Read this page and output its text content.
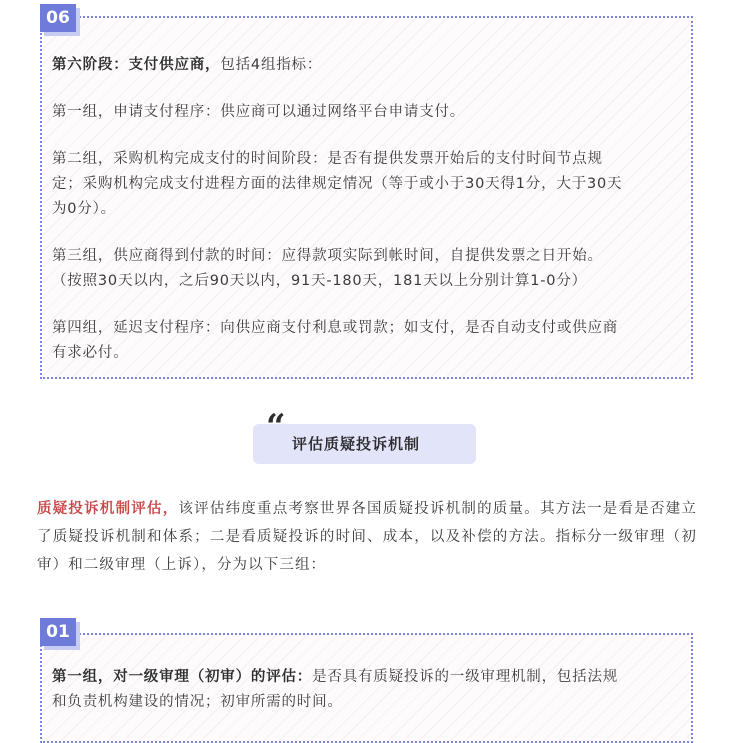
第六阶段：支付供应商，包括4组指标：

第一组，申请支付程序：供应商可以通过网络平台申请支付。

第二组，采购机构完成支付的时间阶段：是否有提供发票开始后的支付时间节点规

定；采购机构完成支付进程方面的法律规定情况（等于或小于30天得1分，大于30天

为0分）。

第三组，供应商得到付款的时间：应得款项实际到帐时间，自提供发票之日开始。

（按照30天以内，之后90天以内，91天-180天，181天以上分别计算1-0分）

第四组，延迟支付程序：向供应商支付利息或罚款；如支付，是否自动支付或供应商

有求必付。

06
“ 评估质疑投诉机制

质疑投诉机制评估，该评估纬度重点考察世界各国质疑投诉机制的质量。其方法一是看是否建立了质疑投诉机制和体系；二是看质疑投诉的时间、成本，以及补偿的方法。指标分一级审理（初审）和二级审理（上诉），分为以下三组：

第一组，对一级审理（初审）的评估：是否具有质疑投诉的一级审理机制，包括法规

和负责机构建设的情况；初审所需的时间。

01
